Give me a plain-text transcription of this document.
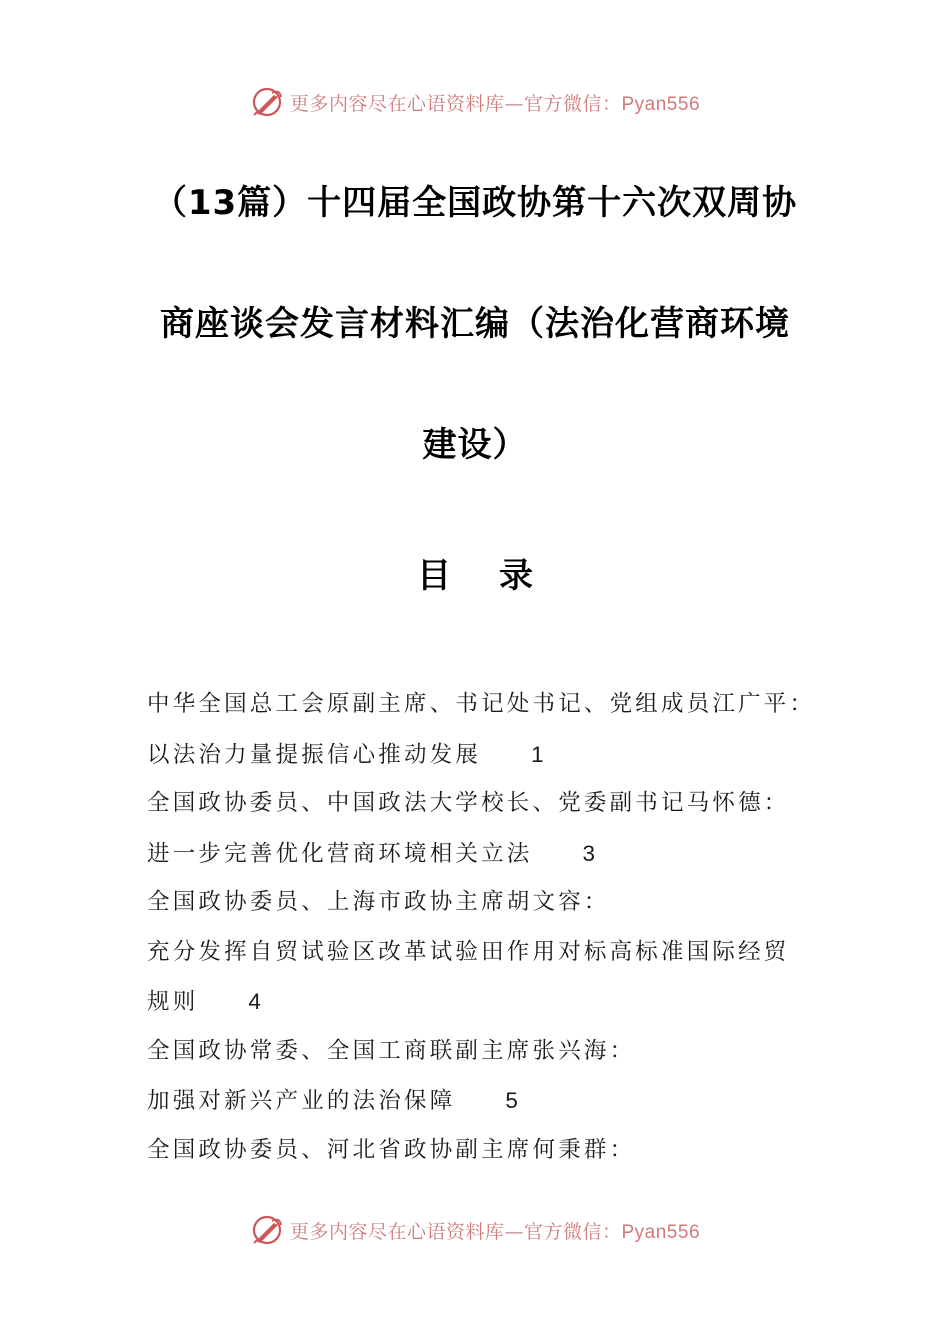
更多内容尽在心语资料库—官方微信：Pyan556
（13篇）十四届全国政协第十六次双周协
商座谈会发言材料汇编（法治化营商环境
建设）
目 录
中华全国总工会原副主席、书记处书记、党组成员江广平：
以法治力量提振信心推动发展 1
全国政协委员、中国政法大学校长、党委副书记马怀德：
进一步完善优化营商环境相关立法 3
全国政协委员、上海市政协主席胡文容：
充分发挥自贸试验区改革试验田作用对标高标准国际经贸
规则 4
全国政协常委、全国工商联副主席张兴海：
加强对新兴产业的法治保障 5
全国政协委员、河北省政协副主席何秉群：
更多内容尽在心语资料库—官方微信：Pyan556
